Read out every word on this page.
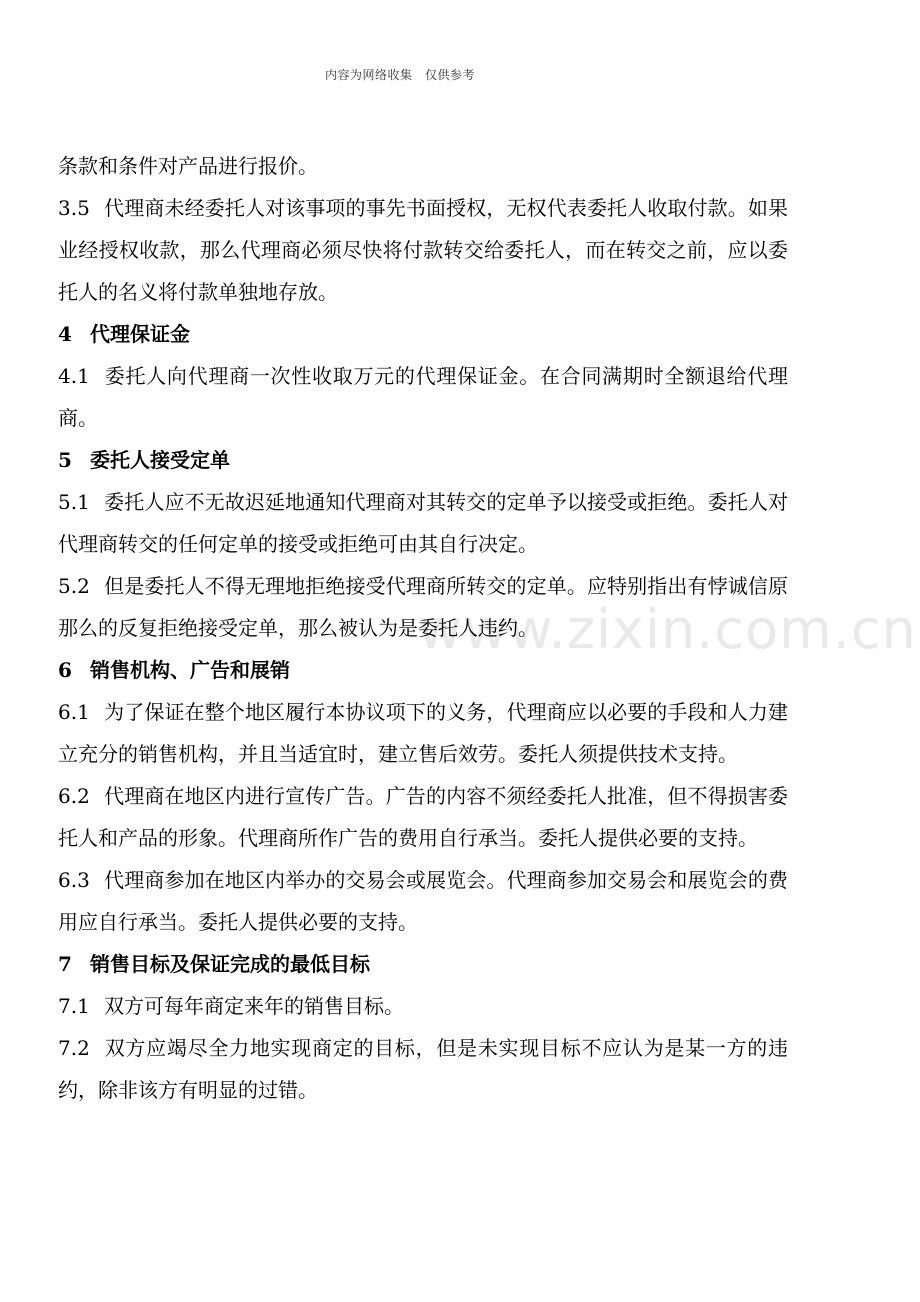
内容为网络收集　仅供参考
www.zixin.com.cn

条款和条件对产品进行报价。

3.5 代理商未经委托人对该事项的事先书面授权，无权代表委托人收取付款。如果业经授权收款，那么代理商必须尽快将付款转交给委托人，而在转交之前，应以委托人的名义将付款单独地存放。

4 代理保证金

4.1 委托人向代理商一次性收取万元的代理保证金。在合同满期时全额退给代理商。

5 委托人接受定单

5.1 委托人应不无故迟延地通知代理商对其转交的定单予以接受或拒绝。委托人对代理商转交的任何定单的接受或拒绝可由其自行决定。

5.2 但是委托人不得无理地拒绝接受代理商所转交的定单。应特别指出有悖诚信原那么的反复拒绝接受定单，那么被认为是委托人违约。

6 销售机构、广告和展销

6.1 为了保证在整个地区履行本协议项下的义务，代理商应以必要的手段和人力建立充分的销售机构，并且当适宜时，建立售后效劳。委托人须提供技术支持。

6.2 代理商在地区内进行宣传广告。广告的内容不须经委托人批准，但不得损害委托人和产品的形象。代理商所作广告的费用自行承当。委托人提供必要的支持。

6.3 代理商参加在地区内举办的交易会或展览会。代理商参加交易会和展览会的费用应自行承当。委托人提供必要的支持。

7 销售目标及保证完成的最低目标

7.1 双方可每年商定来年的销售目标。

7.2 双方应竭尽全力地实现商定的目标，但是未实现目标不应认为是某一方的违约，除非该方有明显的过错。
